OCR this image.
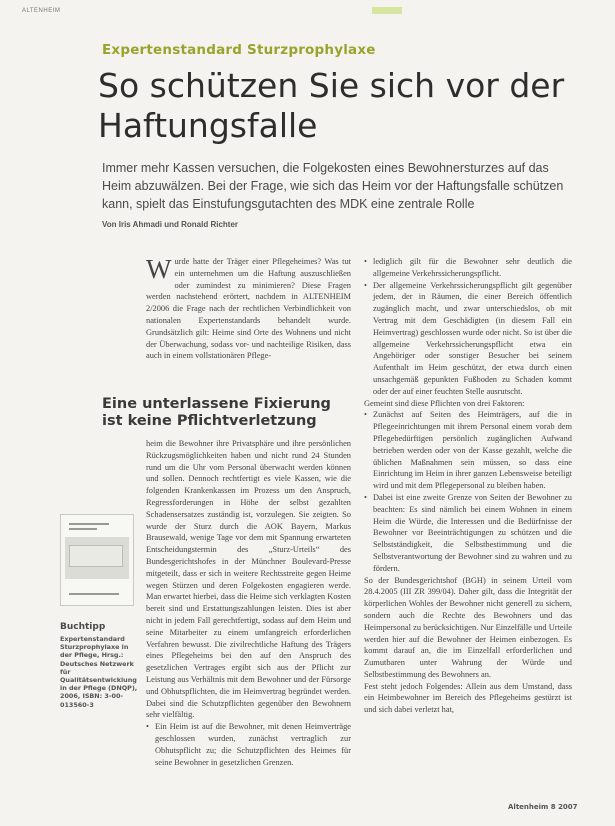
ALTENHEIM
Expertenstandard Sturzprophylaxe
So schützen Sie sich vor der Haftungsfalle

Immer mehr Kassen versuchen, die Folgekosten eines Bewohnersturzes auf das Heim abzuwälzen. Bei der Frage, wie sich das Heim vor der Haftungsfalle schützen kann, spielt das Einstufungsgutachten des MDK eine zentrale Rolle

Von Iris Ahmadi und Ronald Richter
W urde hatte der Träger einer Pflegeheimes? Was tut ein unternehmen um die Haftung auszuschließen oder zumindest zu minimieren? Diese Fragen werden nachstehend erörtert, nachdem in ALTENHEIM 2/2006 die Frage nach der rechtlichen Verbindlichkeit von nationalen Expertenstandards behandelt wurde. Grundsätzlich gilt: Heime sind Orte des Wohnens und nicht der Überwachung, sodass vor- und nachteilige Risiken, dass auch in einem vollstationären Pflege-
Eine unterlassene Fixierung ist keine Pflichtverletzung

heim die Bewohner ihre Privatsphäre und ihre persönlichen Rückzugsmöglichkeiten haben und nicht rund 24 Stunden rund um die Uhr vom Personal überwacht werden können und sollen. Dennoch rechtfertigt es viele Kassen, wie die folgenden Krankenkassen im Prozess um den Anspruch, Regressforderungen in Höhe der selbst gezahlten Schadensersatzes zuständig ist, vorzulegen. Sie zeigten. So wurde der Sturz durch die AOK Bayern, Markus Brausewald, wenige Tage vor dem mit Spannung erwarteten Entscheidungstermin des „Sturz-Urteils“ des Bundesgerichtshofes in der Münchner Boulevard-Presse mitgeteilt, dass er sich in weitere Rechtsstreite gegen Heime wegen Stürzen und deren Folgekosten engagieren werde. Man erwartet hierbei, dass die Heime sich verklagten Kosten bereit sind und Erstattungszahlungen leisten. Dies ist aber nicht in jedem Fall gerechtfertigt, sodass auf dem Heim und seine Mitarbeiter zu einem umfangreich erforderlichen Verfahren bewusst. Die zivilrechtliche Haftung des Trägers eines Pflegeheims bei den auf den Anspruch des gesetzlichen Vertrages ergibt sich aus der Pflicht zur Leistung aus Verhältnis mit dem Bewohner und der Fürsorge und Obhutspflichten, die im Heimvertrag begründet werden. Dabei sind die Schutzpflichten gegenüber den Bewohnern sehr vielfältig.

• Ein Heim ist auf die Bewohner, mit denen Heimverträge geschlossen wurden, zunächst vertraglich zur Obhutspflicht zu; die Schutzpflichten des Heimes für seine Bewohner in gesetzlichen Grenzen.

• lediglich gilt für die Bewohner sehr deutlich die allgemeine Verkehrssicherungspflicht.

• Der allgemeine Verkehrssicherungspflicht gilt gegenüber jedem, der in Räumen, die einer Bereich öffentlich zugänglich macht, und zwar unterschiedslos, ob mit Vertrag mit dem Geschädigten (in diesem Fall ein Heimvertrag) geschlossen wurde oder nicht. So ist über die allgemeine Verkehrssicherungspflicht etwa ein Angehöriger oder sonstiger Besucher bei seinem Aufenthalt im Heim geschützt, der etwa durch einen unsachgemäß gepunkten Fußboden zu Schaden kommt oder der auf einer feuchten Stelle ausrutscht.

Gemeint sind diese Pflichten von drei Faktoren:

• Zunächst auf Seiten des Heimträgers, auf die in Pflegeeinrichtungen mit ihrem Personal einem vorab dem Pflegebedürftigen persönlich zugänglichen Aufwand betrieben werden oder von der Kasse gezahlt, welche die üblichen Maßnahmen sein müssen, so dass eine Einrichtung im Heim in ihrer ganzen Lebensweise beteiligt wird und mit dem Pflegepersonal zu bleiben haben.

• Dabei ist eine zweite Grenze von Seiten der Bewohner zu beachten: Es sind nämlich bei einem Wohnen in einem Heim die Würde, die Interessen und die Bedürfnisse der Bewohner vor Beeinträchtigungen zu schützen und die Selbstständigkeit, die Selbstbestimmung und die Selbstverantwortung der Bewohner sind zu wahren und zu fördern.

So der Bundesgerichtshof (BGH) in seinem Urteil vom 28.4.2005 (III ZR 399/04). Daher gilt, dass die Integrität der körperlichen Wohles der Bewohner nicht generell zu sichern, sondern auch die Rechte des Bewohners und das Heimpersonal zu berücksichtigen. Nur Einzelfälle und Urteile werden hier auf die Bewohner der Heimen einbezogen. Es kommt darauf an, die im Einzelfall erforderlichen und Zumutbaren unter Wahrung der Würde und Selbstbestimmung des Bewohners an.

Fest steht jedoch Folgendes: Allein aus dem Umstand, dass ein Heimbewohner im Bereich des Pflegeheims gestürzt ist und sich dabei verletzt hat,

Buchtipp
Expertenstandard Sturzprophylaxe in der Pflege, Hrsg.: Deutsches Netzwerk für Qualitätsentwicklung in der Pflege (DNQP), 2006, ISBN: 3-00-013560-3
Altenheim 8 2007
